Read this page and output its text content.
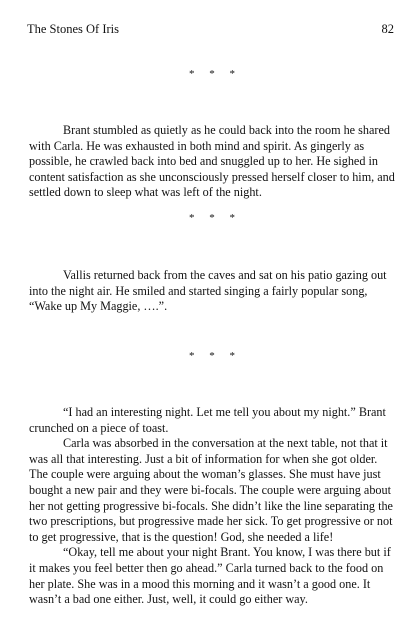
The Stones Of Iris	82
* * *

Brant stumbled as quietly as he could back into the room he shared with Carla. He was exhausted in both mind and spirit. As gingerly as possible, he crawled back into bed and snuggled up to her. He sighed in content satisfaction as she unconsciously pressed herself closer to him, and settled down to sleep what was left of the night.

* * *

Vallis returned back from the caves and sat on his patio gazing out into the night air. He smiled and started singing a fairly popular song, “Wake up My Maggie, ….”.

* * *

“I had an interesting night. Let me tell you about my night.” Brant crunched on a piece of toast.

Carla was absorbed in the conversation at the next table, not that it was all that interesting. Just a bit of information for when she got older. The couple were arguing about the woman’s glasses. She must have just bought a new pair and they were bi-focals. The couple were arguing about her not getting progressive bi-focals. She didn’t like the line separating the two prescriptions, but progressive made her sick. To get progressive or not to get progressive, that is the question! God, she needed a life!

“Okay, tell me about your night Brant. You know, I was there but if it makes you feel better then go ahead.” Carla turned back to the food on her plate. She was in a mood this morning and it wasn’t a good one. It wasn’t a bad one either. Just, well, it could go either way.
